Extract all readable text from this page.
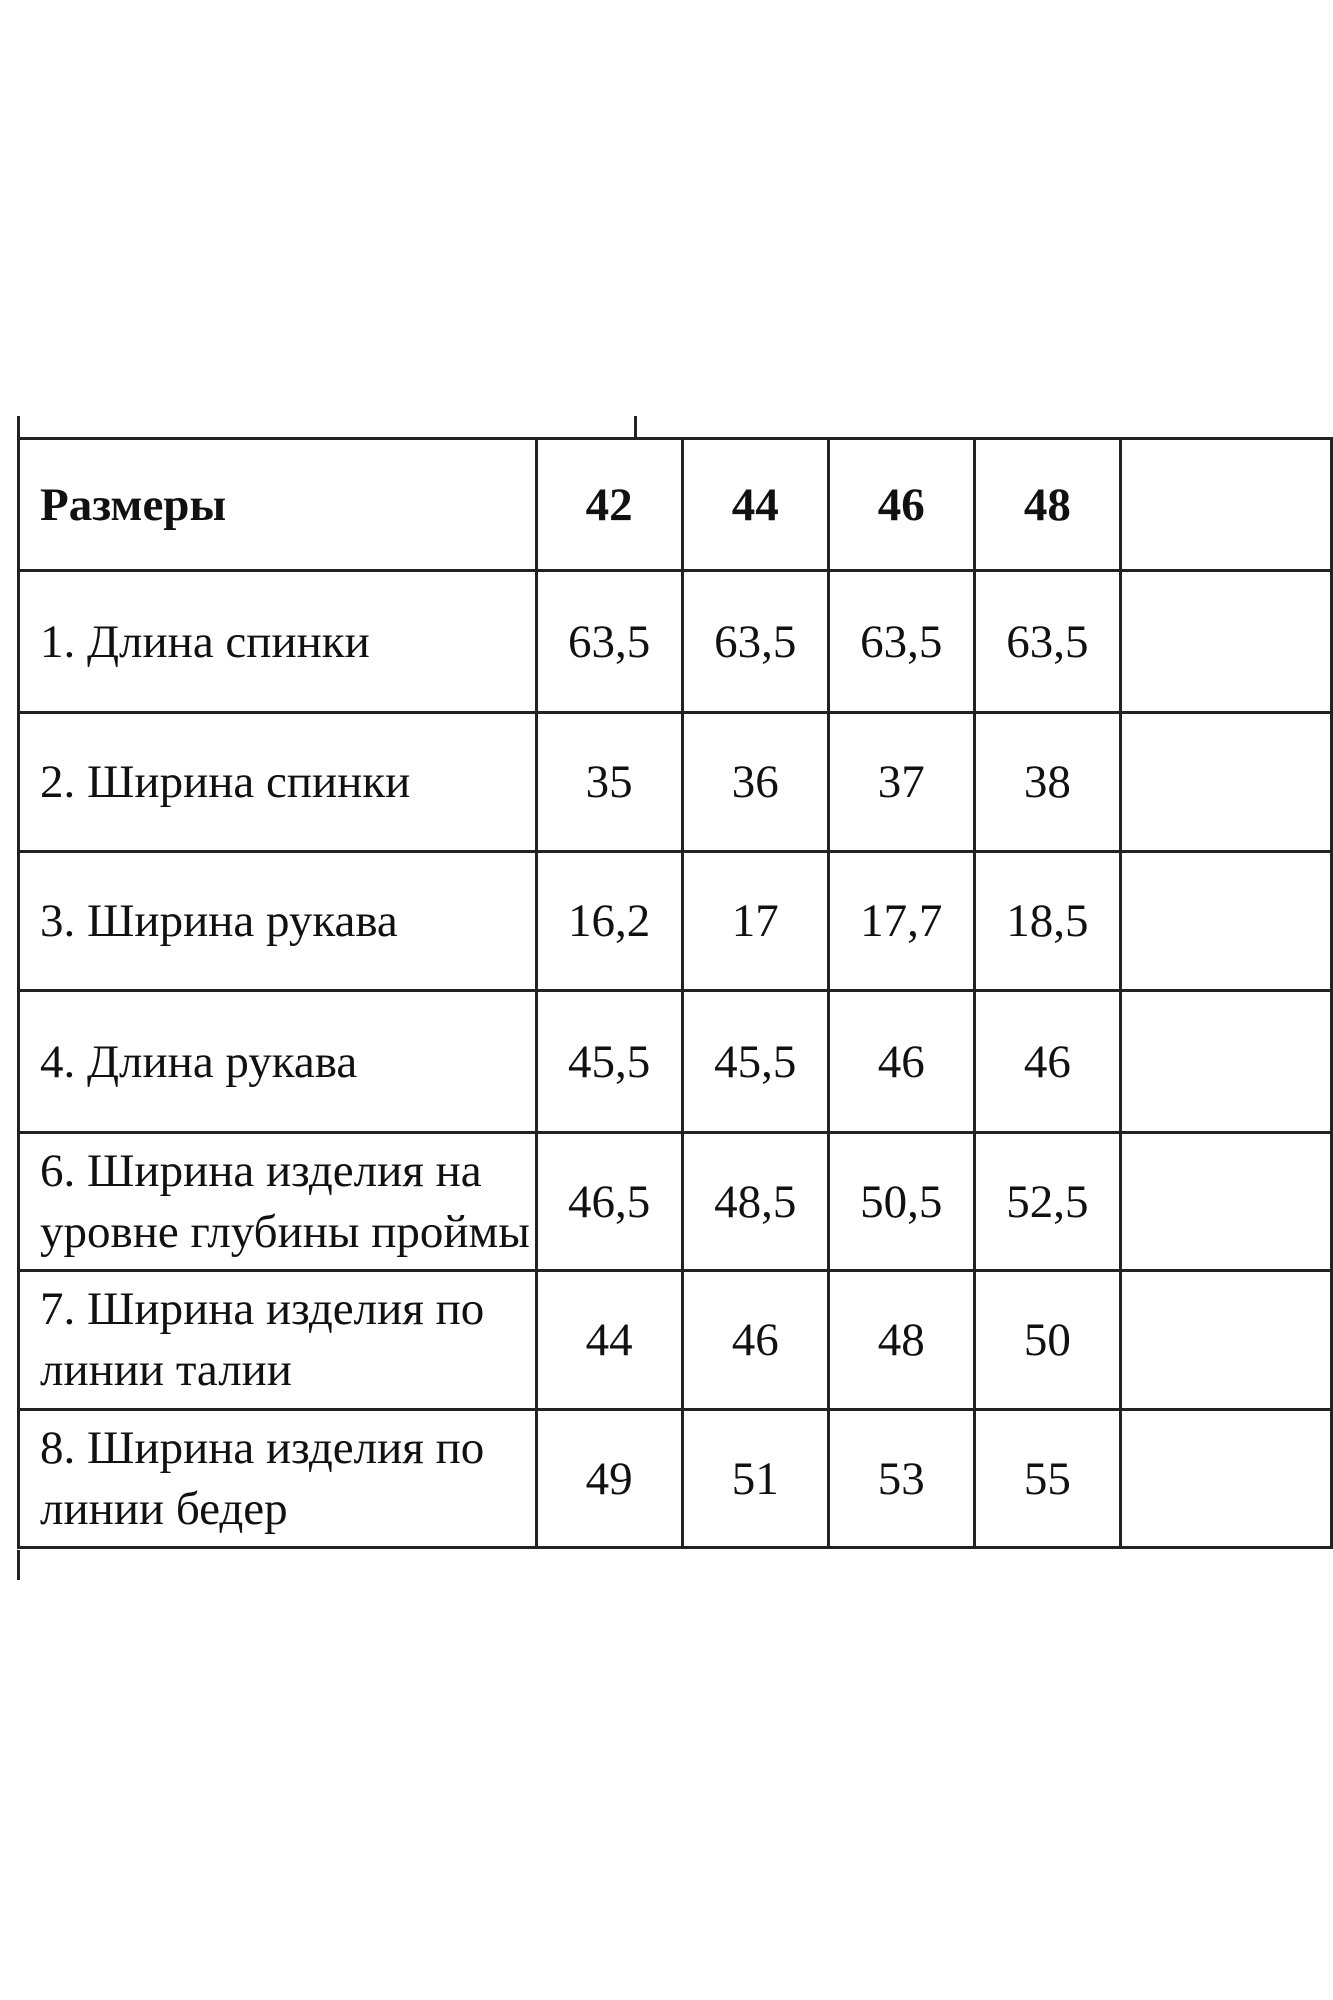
Размеры	42	44	46	48	
1. Длина спинки	63,5	63,5	63,5	63,5	
2. Ширина спинки	35	36	37	38	
3. Ширина рукава	16,2	17	17,7	18,5	
4. Длина рукава	45,5	45,5	46	46	

6. Ширина изделия на
уровне глубины проймы	46,5	48,5	50,5	52,5	

7. Ширина изделия по
линии талии	44	46	48	50	

8. Ширина изделия по
линии бедер	49	51	53	55	
